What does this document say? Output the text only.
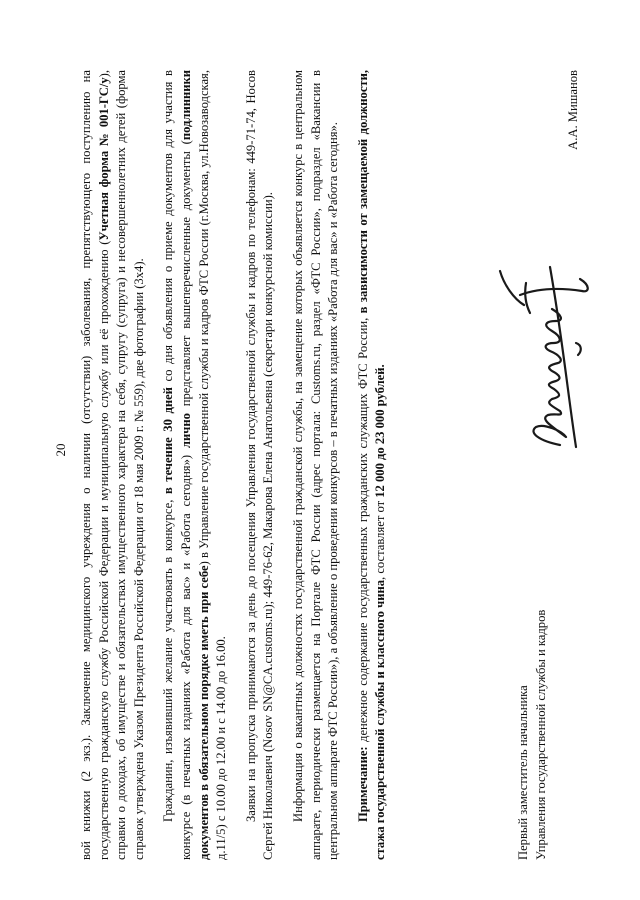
20 вой книжки (2 экз.). Заключение медицинского учреждения о наличии (отсутствии) заболевания, препятствующего поступлению на государственную гражданскую службу Российской Федерации и муниципальную службу или её прохождению (Учетная форма № 001-ГС/у), справки о доходах, об имуществе и обязательствах имущественного характера на себя, супругу (супруга) и несовершеннолетних детей (форма справок утверждена Указом Президента Российской Федерации от 18 мая 2009 г. № 559), две фотографии (3х4). Гражданин, изъявивший желание участвовать в конкурсе, в течение 30 дней со дня объявления о приеме документов для участия в конкурсе (в печатных изданиях «Работа для вас» и «Работа сегодня») лично представляет вышеперечисленные документы (подлинники документов в обязательном порядке иметь при себе) в Управление государственной службы и кадров ФТС России (г.Москва, ул.Новозаводская, д.11/5) с 10.00 до 12.00 и с 14.00 до 16.00. Заявки на пропуска принимаются за день до посещения Управления государственной службы и кадров по телефонам: 449-71-74, Носов Сергей Николаевич (Nosov SN@CA.customs.ru); 449-76-62, Макарова Елена Анатольевна (секретари конкурсной комиссии). Информация о вакантных должностях государственной гражданской службы, на замещение которых объявляется конкурс в центральном аппарате, периодически размещается на Портале ФТС России (адрес портала: Customs.ru, раздел «ФТС России», подраздел «Вакансии в центральном аппарате ФТС России»), а объявление о проведении конкурсов – в печатных изданиях «Работа для вас» и «Работа сегодня». Примечание: денежное содержание государственных гражданских служащих ФТС России, в зависимости от замещаемой должности, стажа государственной службы и классного чина, составляет от 12 000 до 23 000 рублей.

Первый заместитель начальника Управления государственной службы и кадров
А.А. Мишанов
